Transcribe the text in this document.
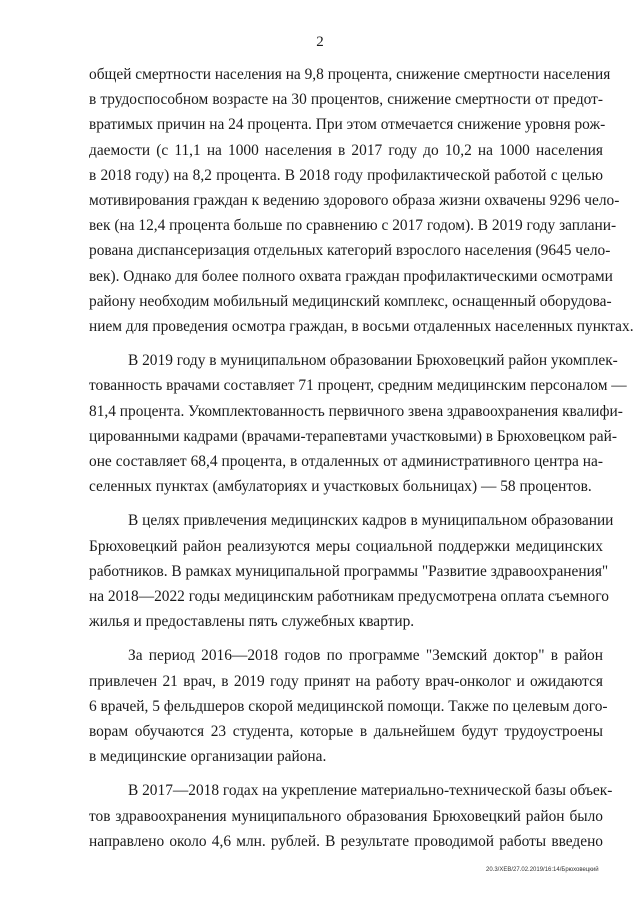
2

общей смертности населения на 9,8 процента, снижение смертности населения
в трудоспособном возрасте на 30 процентов, снижение смертности от предот-
вратимых причин на 24 процента. При этом отмечается снижение уровня рож-
даемости (с 11,1 на 1000 населения в 2017 году до 10,2 на 1000 населения
в 2018 году) на 8,2 процента. В 2018 году профилактической работой с целью
мотивирования граждан к ведению здорового образа жизни охвачены 9296 чело-
век (на 12,4 процента больше по сравнению с 2017 годом). В 2019 году заплани-
рована диспансеризация отдельных категорий взрослого населения (9645 чело-
век). Однако для более полного охвата граждан профилактическими осмотрами
району необходим мобильный медицинский комплекс, оснащенный оборудова-
нием для проведения осмотра граждан, в восьми отдаленных населенных пунктах.

В 2019 году в муниципальном образовании Брюховецкий район укомплек-
тованность врачами составляет 71 процент, средним медицинским персоналом —
81,4 процента. Укомплектованность первичного звена здравоохранения квалифи-
цированными кадрами (врачами-терапевтами участковыми) в Брюховецком рай-
оне составляет 68,4 процента, в отдаленных от административного центра на-
селенных пунктах (амбулаториях и участковых больницах) — 58 процентов.

В целях привлечения медицинских кадров в муниципальном образовании
Брюховецкий район реализуются меры социальной поддержки медицинских
работников. В рамках муниципальной программы "Развитие здравоохранения"
на 2018—2022 годы медицинским работникам предусмотрена оплата съемного
жилья и предоставлены пять служебных квартир.

За период 2016—2018 годов по программе "Земский доктор" в район
привлечен 21 врач, в 2019 году принят на работу врач-онколог и ожидаются
6 врачей, 5 фельдшеров скорой медицинской помощи. Также по целевым дого-
ворам обучаются 23 студента, которые в дальнейшем будут трудоустроены
в медицинские организации района.

В 2017—2018 годах на укрепление материально-технической базы объек-
тов здравоохранения муниципального образования Брюховецкий район было
направлено около 4,6 млн. рублей. В результате проводимой работы введено

20.3/ХЕВ/27.02.2019/16:14/Брюховецкий
